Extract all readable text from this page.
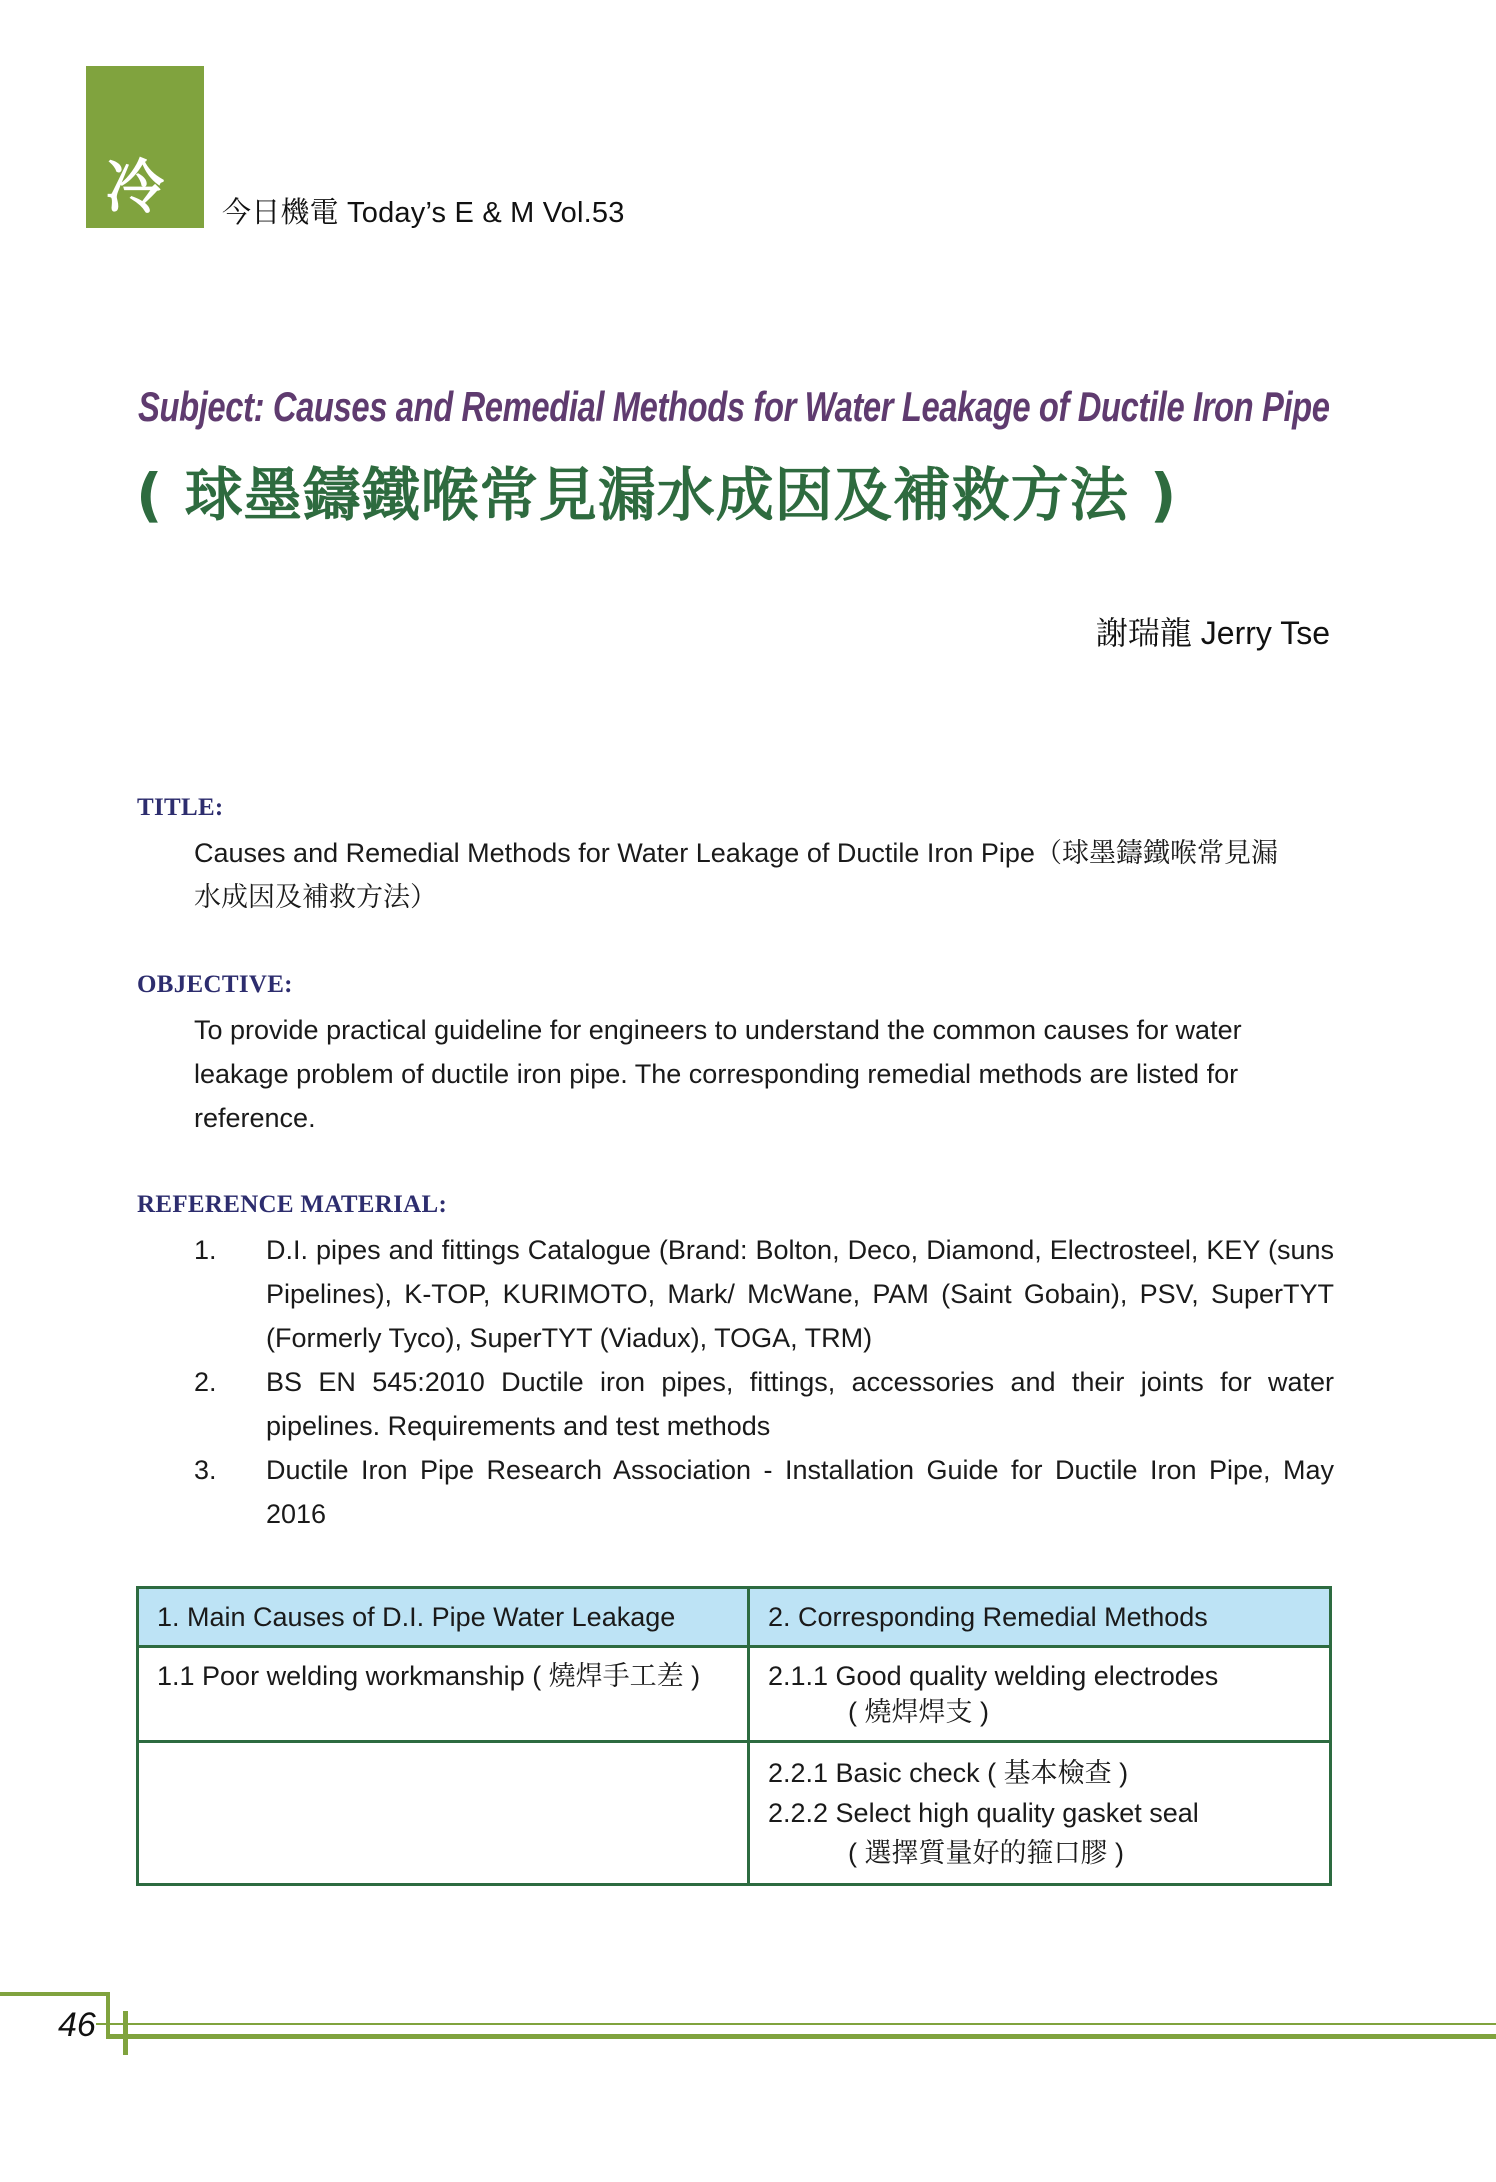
冷 今日機電 Today’s E & M Vol.53
Subject: Causes and Remedial Methods for Water Leakage of Ductile Iron Pipe
( 球墨鑄鐵喉常見漏水成因及補救方法 )
謝瑞龍 Jerry Tse
TITLE:
Causes and Remedial Methods for Water Leakage of Ductile Iron Pipe（球墨鑄鐵喉常見漏
水成因及補救方法）
OBJECTIVE:
To provide practical guideline for engineers to understand the common causes for water leakage problem of ductile iron pipe. The corresponding remedial methods are listed for reference.
REFERENCE MATERIAL:
1.	D.I. pipes and fittings Catalogue (Brand: Bolton, Deco, Diamond, Electrosteel, KEY (suns Pipelines), K-TOP, KURIMOTO, Mark/ McWane, PAM (Saint Gobain), PSV, SuperTYT (Formerly Tyco), SuperTYT (Viadux), TOGA, TRM)
2.	BS EN 545:2010 Ductile iron pipes, fittings, accessories and their joints for water pipelines. Requirements and test methods
3.	Ductile Iron Pipe Research Association - Installation Guide for Ductile Iron Pipe, May 2016
1. Main Causes of D.I. Pipe Water Leakage	2. Corresponding Remedial Methods
1.1 Poor welding workmanship ( 燒焊手工差 )	2.1.1 Good quality welding electrodes
( 燒焊焊支 )

	2.2.1 Basic check ( 基本檢查 )
2.2.2 Select high quality gasket seal
( 選擇質量好的箍口膠 )
46
